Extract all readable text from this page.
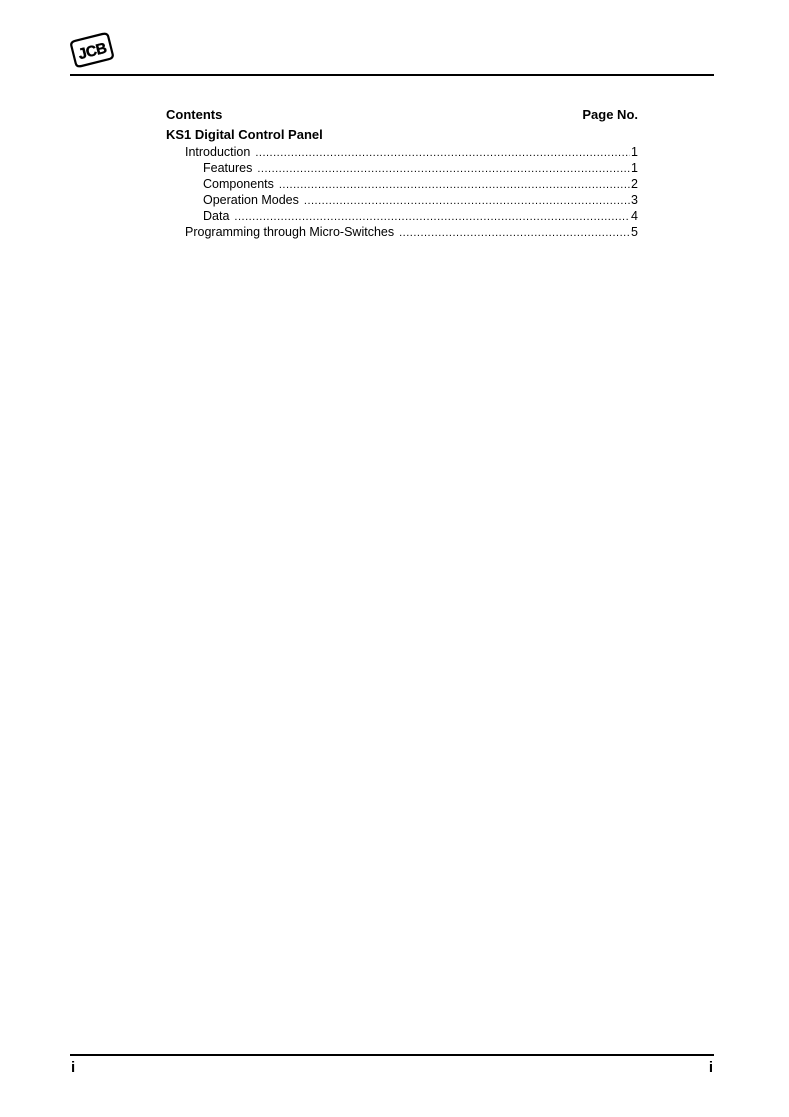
JCB
Contents	Page No.
KS1 Digital Control Panel
Introduction .....	1
Features .....	1
Components .....	2
Operation Modes .....	3
Data .....	4
Programming through Micro-Switches .....	5
i	i
